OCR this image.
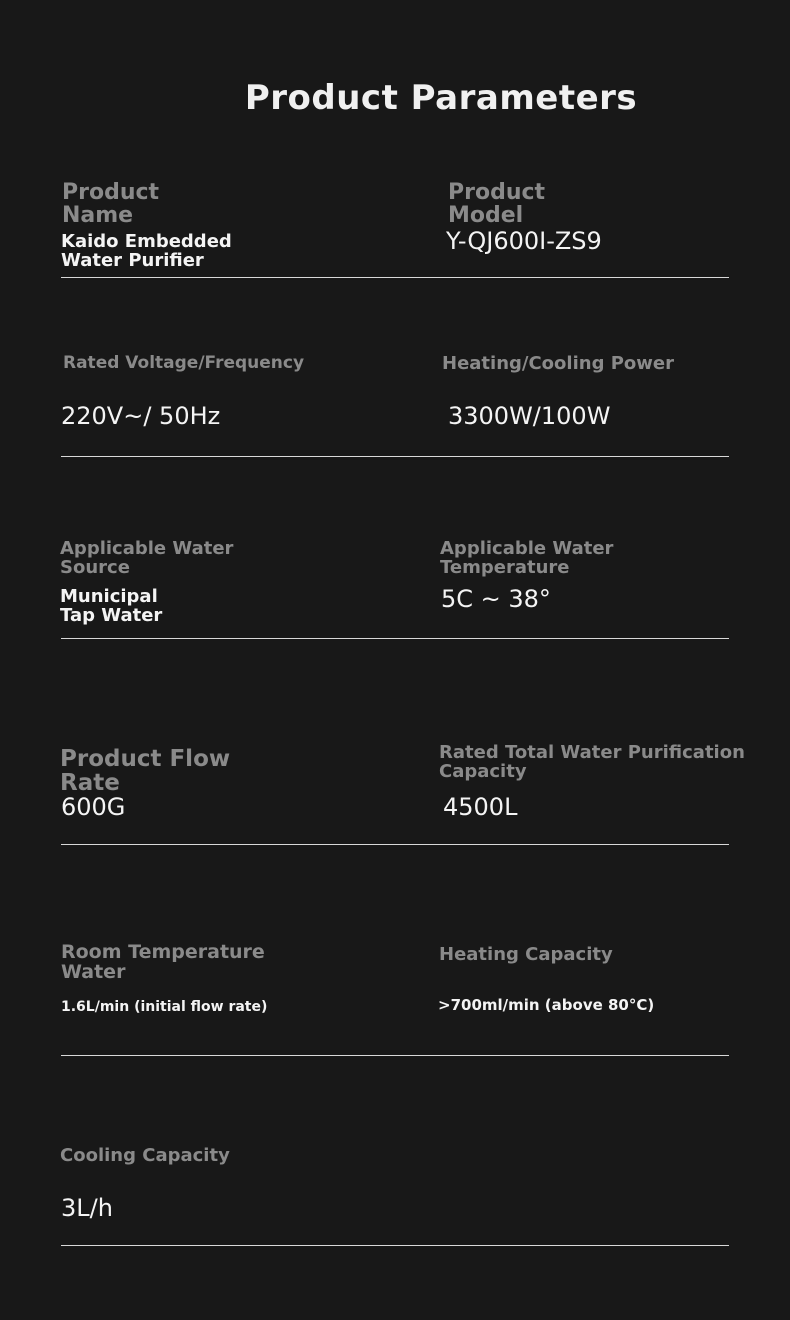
Product Parameters
Product
Name
Kaido Embedded
Water Purifier
Product
Model
Y-QJ600I-ZS9
Rated Voltage/Frequency
220V~/ 50Hz
Heating/Cooling Power
3300W/100W
Applicable Water
Source
Municipal
Tap Water
Applicable Water
Temperature
5C ~ 38°
Product Flow
Rate
600G
Rated Total Water Purification
Capacity
4500L
Room Temperature
Water
1.6L/min (initial flow rate)
Heating Capacity
>700ml/min (above 80°C)
Cooling Capacity
3L/h
